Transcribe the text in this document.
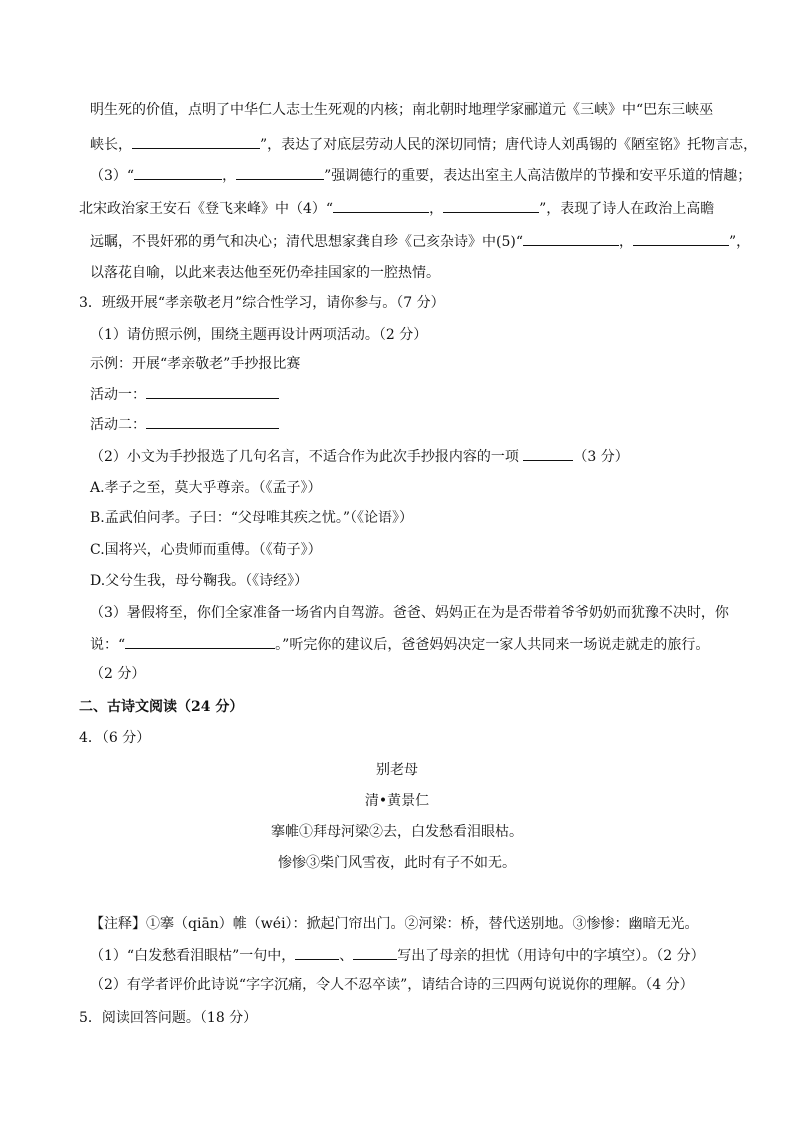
明生死的价值，点明了中华仁人志士生死观的内核；南北朝时地理学家郦道元《三峡》中“巴东三峡巫
峡长，	”，表达了对底层劳动人民的深切同情；唐代诗人刘禹锡的《陋室铭》托物言志，
（3）“	，	”强调德行的重要，表达出室主人高洁傲岸的节操和安平乐道的情趣；
北宋政治家王安石《登飞来峰》中（4）“	，	”，表现了诗人在政治上高瞻
远瞩，不畏奸邪的勇气和决心；清代思想家龚自珍《己亥杂诗》中(5)“	，	”，
以落花自喻，以此来表达他至死仍牵挂国家的一腔热情。
3．班级开展“孝亲敬老月”综合性学习，请你参与。（7 分）
（1）请仿照示例，围绕主题再设计两项活动。（2 分）
示例：开展“孝亲敬老”手抄报比赛
活动一：
活动二：
（2）小文为手抄报选了几句名言，不适合作为此次手抄报内容的一项	（3 分）
A.孝子之至，莫大乎尊亲。（《孟子》）
B.孟武伯问孝。子曰：“父母唯其疾之忧。”（《论语》）
C.国将兴，心贵师而重傅。（《荀子》）
D.父兮生我，母兮鞠我。（《诗经》）
（3）暑假将至，你们全家准备一场省内自驾游。爸爸、妈妈正在为是否带着爷爷奶奶而犹豫不决时，你
说：“	。”听完你的建议后，爸爸妈妈决定一家人共同来一场说走就走的旅行。
（2 分）
二、古诗文阅读（24 分）
4．（6 分）
别老母
清•黄景仁
搴帷①拜母河梁②去，白发愁看泪眼枯。
惨惨③柴门风雪夜，此时有子不如无。
【注释】①搴（qiān）帷（wéi）：掀起门帘出门。②河梁：桥，替代送别地。③惨惨：幽暗无光。
（1）“白发愁看泪眼枯”一句中，	、	写出了母亲的担忧（用诗句中的字填空）。（2 分）
（2）有学者评价此诗说“字字沉痛，令人不忍卒读”，请结合诗的三四两句说说你的理解。（4 分）
5．阅读回答问题。（18 分）
